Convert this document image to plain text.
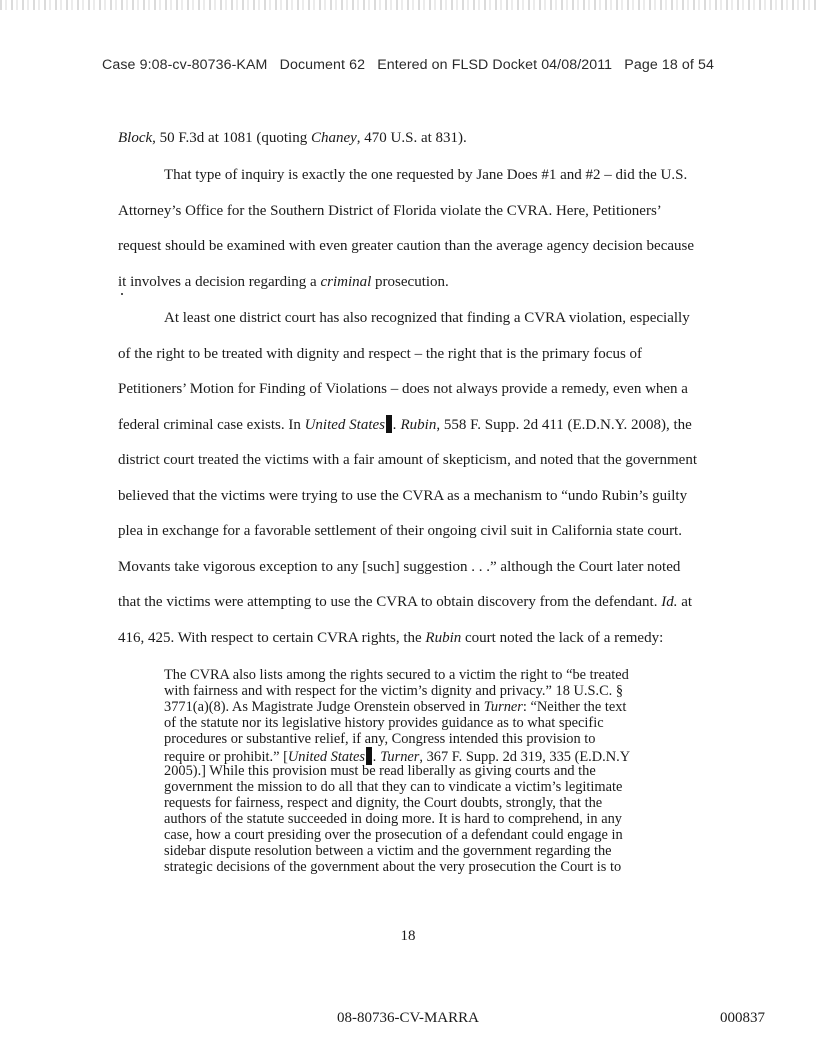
Case 9:08-cv-80736-KAM Document 62 Entered on FLSD Docket 04/08/2011 Page 18 of 54
Block, 50 F.3d at 1081 (quoting Chaney, 470 U.S. at 831).
That type of inquiry is exactly the one requested by Jane Does #1 and #2 – did the U.S.
Attorney’s Office for the Southern District of Florida violate the CVRA. Here, Petitioners’
request should be examined with even greater caution than the average agency decision because
it involves a decision regarding a criminal prosecution.
At least one district court has also recognized that finding a CVRA violation, especially
of the right to be treated with dignity and respect – the right that is the primary focus of
Petitioners’ Motion for Finding of Violations – does not always provide a remedy, even when a
federal criminal case exists. In United States . Rubin, 558 F. Supp. 2d 411 (E.D.N.Y. 2008), the
district court treated the victims with a fair amount of skepticism, and noted that the government
believed that the victims were trying to use the CVRA as a mechanism to “undo Rubin’s guilty
plea in exchange for a favorable settlement of their ongoing civil suit in California state court.
Movants take vigorous exception to any [such] suggestion . . .” although the Court later noted
that the victims were attempting to use the CVRA to obtain discovery from the defendant. Id. at
416, 425. With respect to certain CVRA rights, the Rubin court noted the lack of a remedy:
The CVRA also lists among the rights secured to a victim the right to “be treated
with fairness and with respect for the victim’s dignity and privacy.” 18 U.S.C. §
3771(a)(8). As Magistrate Judge Orenstein observed in Turner: “Neither the text
of the statute nor its legislative history provides guidance as to what specific
procedures or substantive relief, if any, Congress intended this provision to
require or prohibit.” [United States . Turner, 367 F. Supp. 2d 319, 335 (E.D.N.Y
2005).] While this provision must be read liberally as giving courts and the
government the mission to do all that they can to vindicate a victim’s legitimate
requests for fairness, respect and dignity, the Court doubts, strongly, that the
authors of the statute succeeded in doing more. It is hard to comprehend, in any
case, how a court presiding over the prosecution of a defendant could engage in
sidebar dispute resolution between a victim and the government regarding the
strategic decisions of the government about the very prosecution the Court is to
18
08-80736-CV-MARRA	000837
